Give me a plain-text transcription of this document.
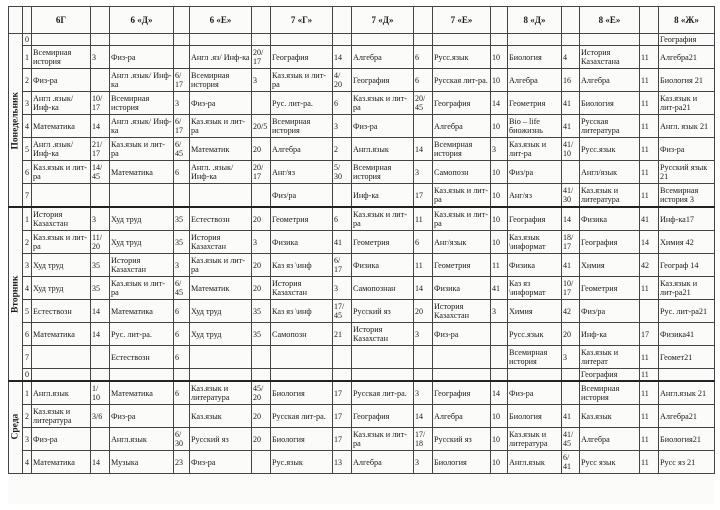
		6Г		6 «Д»		6 «Е»		7 «Г»		7 «Д»		7 «Е»		8 «Д»		8 «Е»		8 «Ж»
Понедельник	0																	География
	1	Всемирная история	3	Физ-ра		Англ .яз/ Инф-ка	20/ 17	География	14	Алгебра	6	Русс.язык	10	Биология	4	История Казахстана	11	Алгебра21
	2	Физ-ра		Англ .язык/ Инф-ка	6/ 17	Всемирная история	3	Каз.язык и лит-ра	4/ 20	География	6	Русская лит-ра.	10	Алгебра	16	Алгебра	11	Биология 21
	3	Англ .язык/ Инф-ка	10/ 17	Всемирная история	3	Физ-ра		Рус. лит-ра.	6	Каз.язык и лит-ра	20/ 45	География	14	Геометрия	41	Биология	11	Каз.язык и лит-ра21
	4	Математика	14	Англ .язык/ Инф-ка	6/ 17	Каз.язык и лит-ра	20/5	Всемирная история	3	Физ-ра		Алгебра	10	Bio – life биожизнь	41	Русская литература	11	Англ. язык 21
	5	Англ .язык/ Инф-ка	21/ 17	Каз.язык и лит-ра	6/ 45	Математик	20	Алгебра	2	Англ.язык	14	Всемирная история	3	Каз.язык и лит-ра	41/ 10	Русс.язык	11	Физ-ра
	6	Каз.язык и лит-ра	14/ 45	Математика	6	Англ. .язык/ Инф-ка	20/ 17	Анг/яз	5/ 30	Всемирная история	3	Самопозн	10	Физ/ра		Англ/язык	11	Русский язык 21
	7							Физ/ра		Инф-ка	17	Каз.язык и лит-ра	10	Анг/яз	41/ 30	Каз.язык и литература	11	Всемирная история 3
Вторник	1	История Казахстан	3	Худ труд	35	Естествозн	20	Геометрия	6	Каз.язык и лит-ра	11	Каз.язык и лит-ра	10	География	14	Физика	41	Инф-ка17
	2	Каз.язык и лит-ра	11/ 20	Худ труд	35	История Казахстан	3	Физика	41	Геометрия	6	Анг/язык	10	Каз.язык \информат	18/ 17	География	14	Химия 42
	3	Худ труд	35	История Казахстан	3	Каз.язык и лит-ра	20	Каз яз \инф	6/ 17	Физика	11	Геометрия	11	Физика	41	Химия	42	Географ 14
	4	Худ труд	35	Каз.язык и лит-ра	6/ 45	Математик	20	История Казахстан	3	Самопознан	14	Физика	41	Каз яз \информат	10/ 17	Геометрия	11	Каз.язык и лит-ра21
	5	Естествозн	14	Математика	6	Худ труд	35	Каз яз \инф	17/ 45	Русский яз	20	История Казахстан	3	Химия	42	Физ/ра		Рус. лит-ра21
	6	Математика	14	Рус. лит-ра.	6	Худ труд	35	Самопозн	21	История Казахстан	3	Физ-ра		Русс.язык	20	Инф-ка	17	Физика41
	7			Естествозн	6									Всемирная история	3	Каз.язык и литерат	11	Геомет21
	0															География	11	
Среда	1	Англ.язык	1/ 10	Математика	6	Каз.язык и литература	45/ 20	Биология	17	Русская лит-ра.	3	География	14	Физ-ра		Всемирная история	11	Англ.язык 21
	2	Каз.язык и литература	3/6	Физ-ра		Каз.язык	20	Русская лит-ра.	17	География	14	Алгебра	10	Биология	41	Каз.язык	11	Алгебра21
	3	Физ-ра		Англ.язык	6/ 30	Русский яз	20	Биология	17	Каз.язык и лит-ра	17/ 18	Русский яз	10	Каз.язык и литература	41/ 45	Алгебра	11	Биология21
	4	Математика	14	Музыка	23	Физ-ра		Рус.язык	13	Алгебра	3	Биология	10	Англ.язык	6/ 41	Русс язык	11	Русс яз 21
